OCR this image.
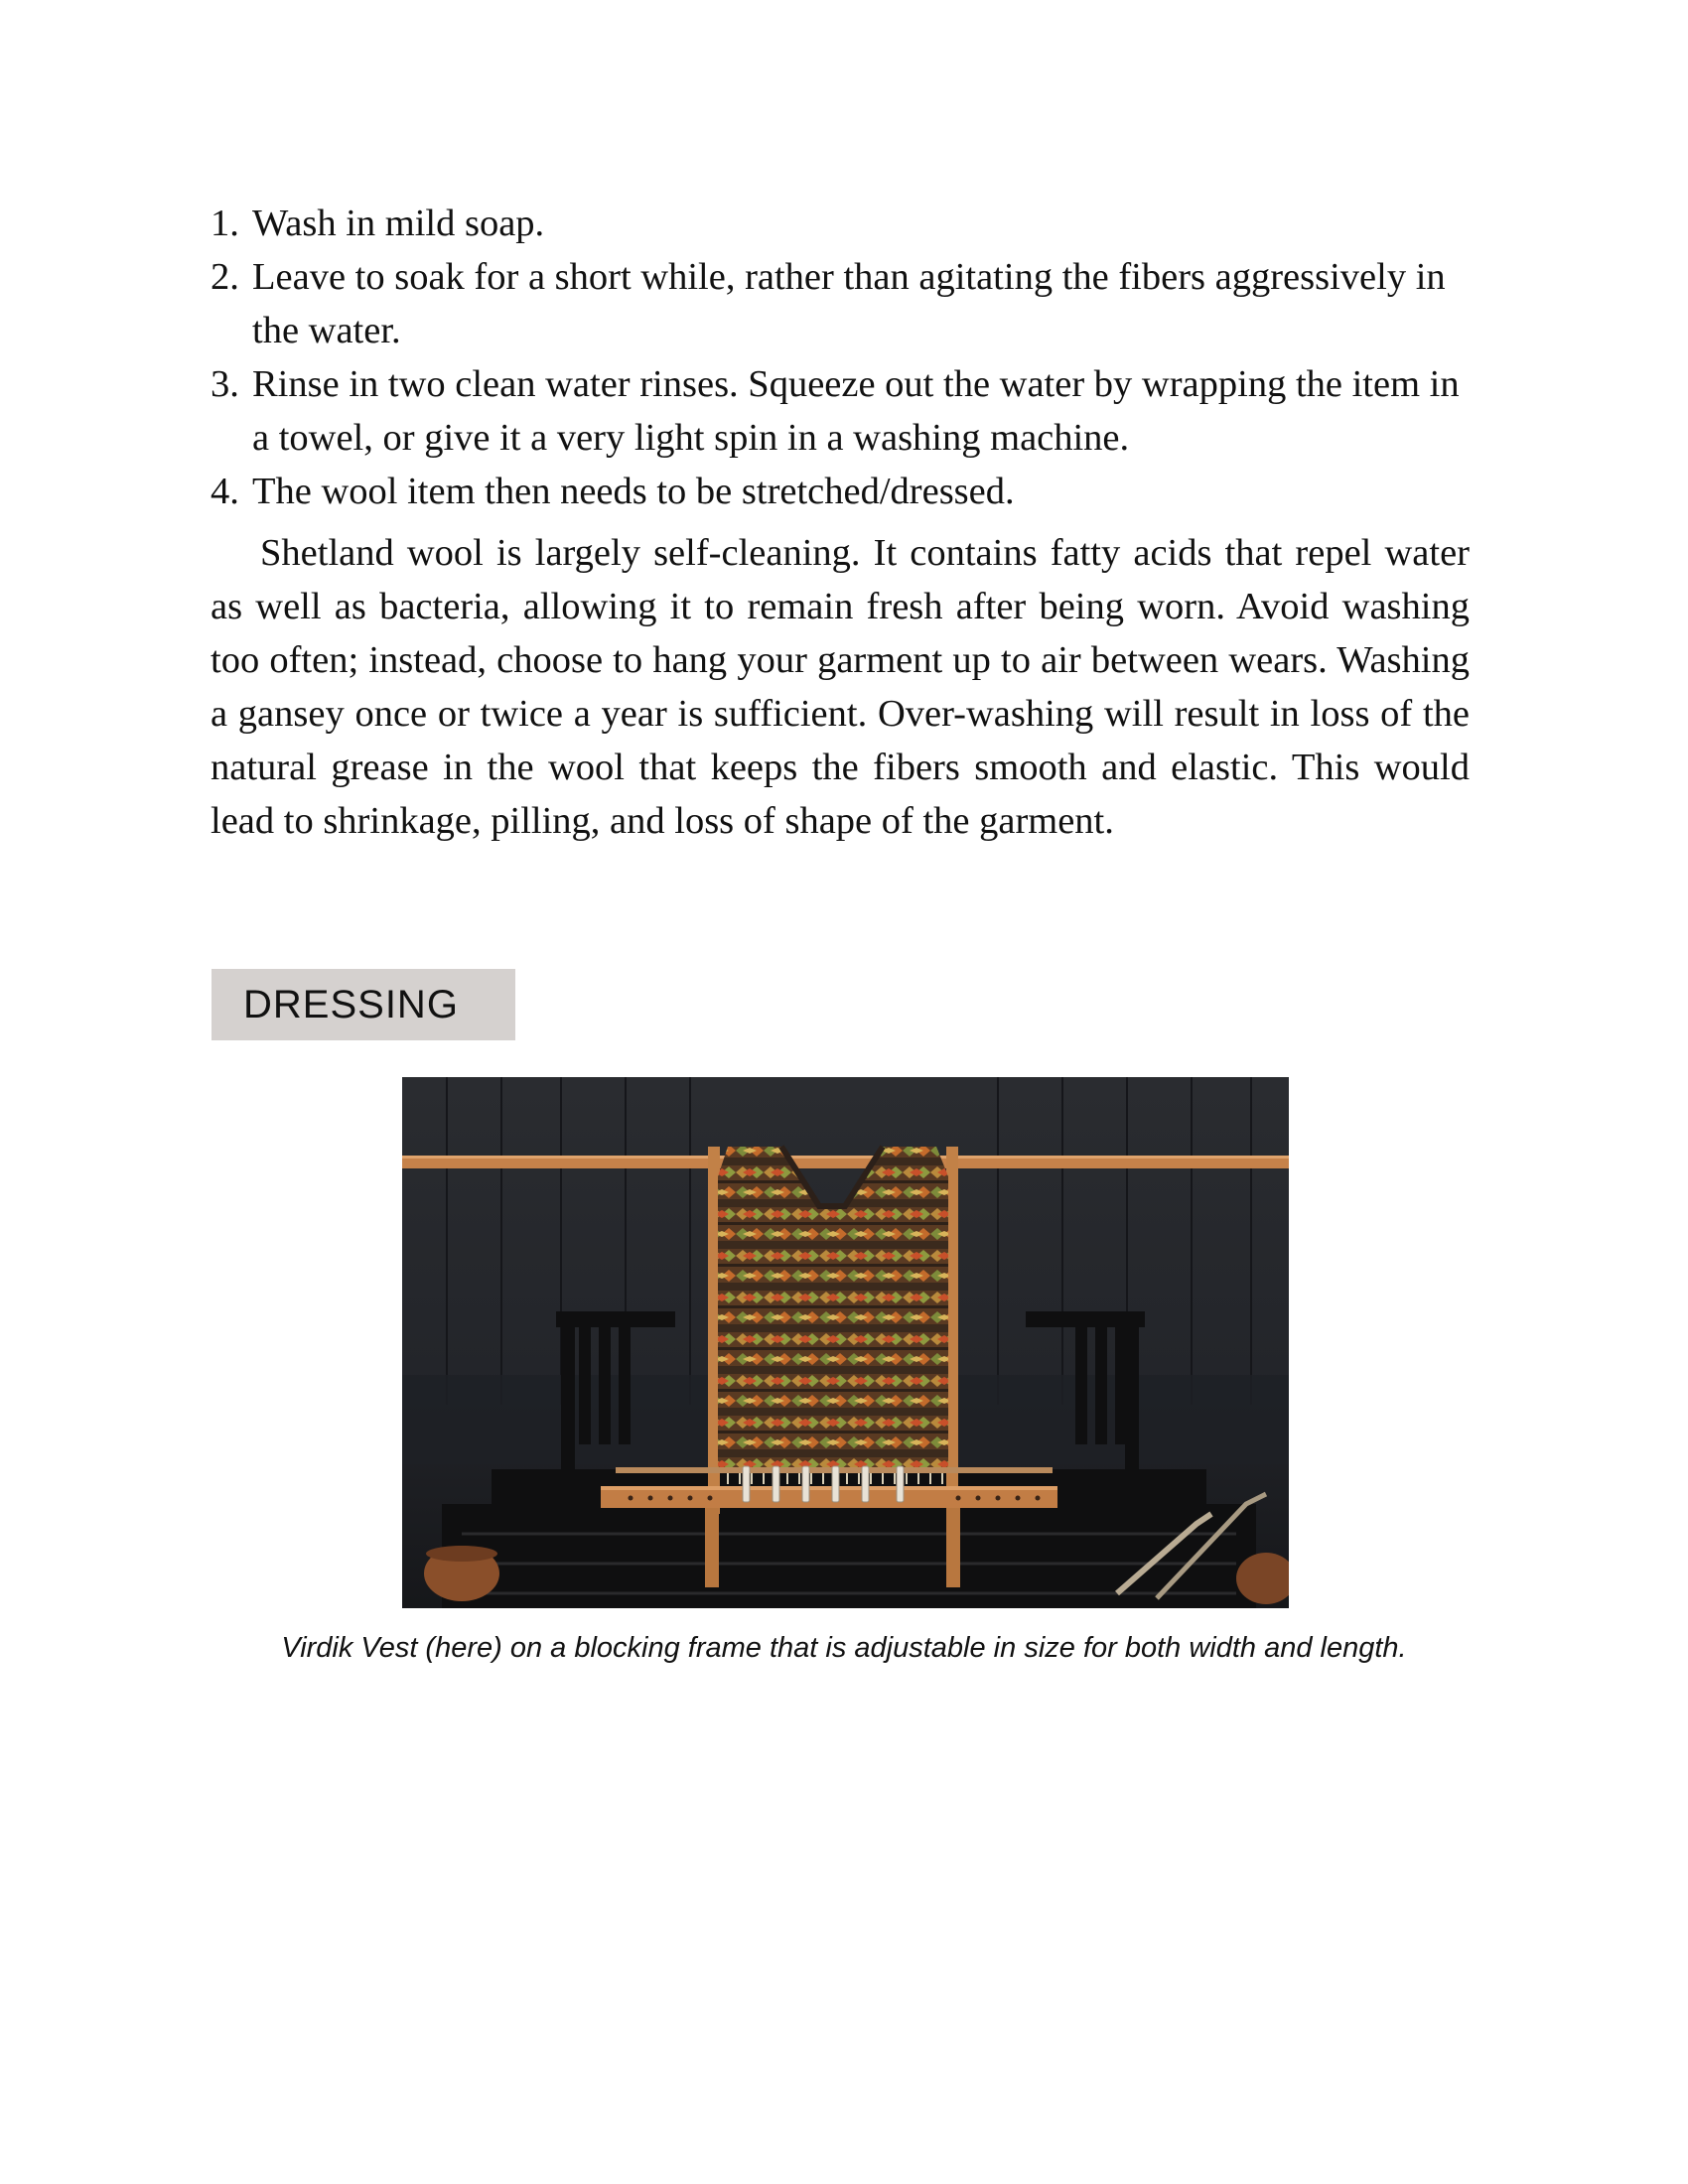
1. Wash in mild soap.
2. Leave to soak for a short while, rather than agitating the fibers aggressively in the water.
3. Rinse in two clean water rinses. Squeeze out the water by wrapping the item in a towel, or give it a very light spin in a washing machine.
4. The wool item then needs to be stretched/dressed.

Shetland wool is largely self-cleaning. It contains fatty acids that repel water as well as bacteria, allowing it to remain fresh after being worn. Avoid washing too often; instead, choose to hang your garment up to air between wears. Washing a gansey once or twice a year is sufficient. Over-washing will result in loss of the natural grease in the wool that keeps the fibers smooth and elastic. This would lead to shrinkage, pilling, and loss of shape of the garment.

DRESSING
Virdik Vest (here) on a blocking frame that is adjustable in size for both width and length.
